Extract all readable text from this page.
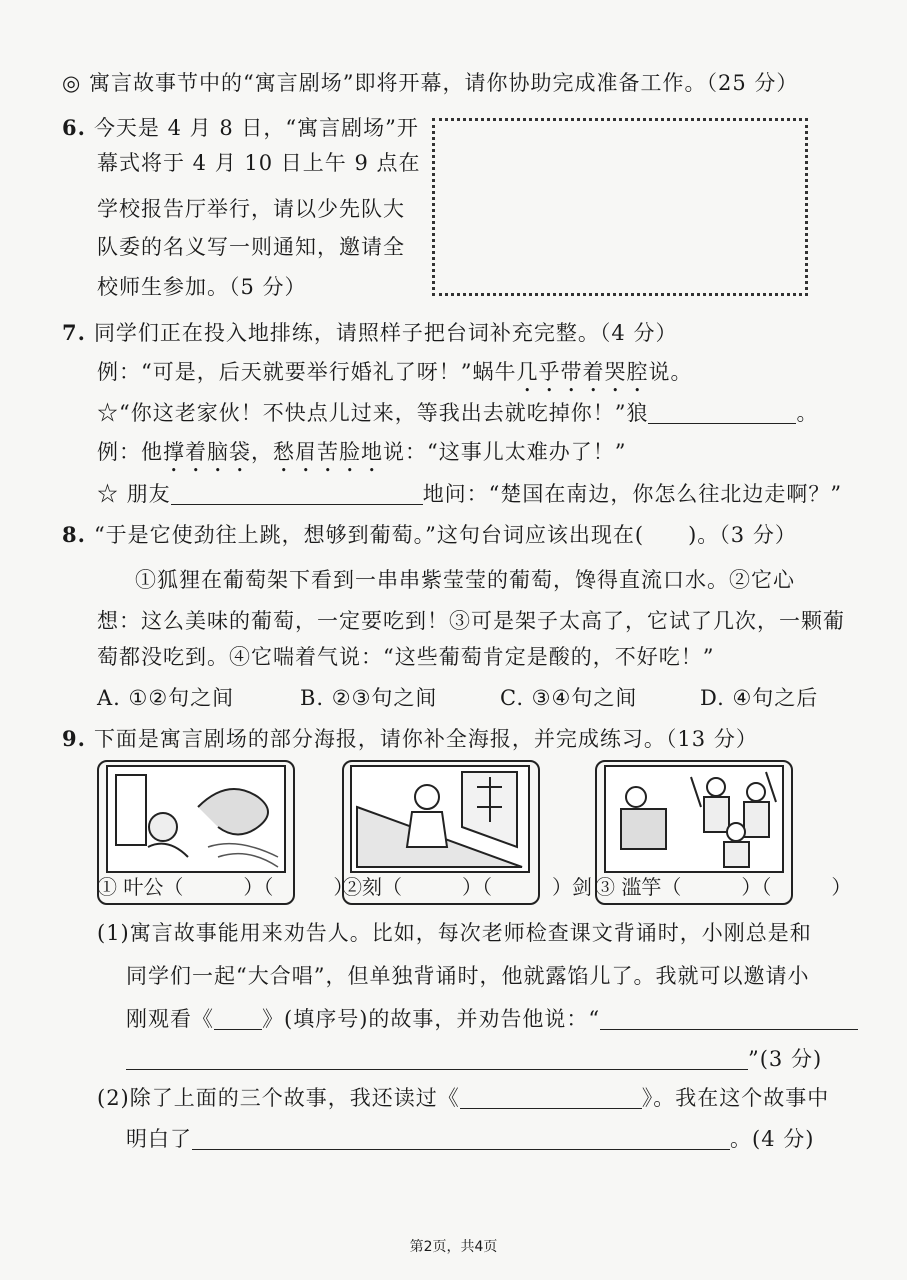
◎ 寓言故事节中的“寓言剧场”即将开幕，请你协助完成准备工作。（25 分）
6. 今天是 4 月 8 日，“寓言剧场”开
幕式将于 4 月 10 日上午 9 点在
学校报告厅举行，请以少先队大
队委的名义写一则通知，邀请全
校师生参加。（5 分）
7. 同学们正在投入地排练，请照样子把台词补充完整。（4 分）
例：“可是，后天就要举行婚礼了呀！”蜗牛几乎带着哭腔说。
☆“你这老家伙！不快点儿过来，等我出去就吃掉你！”狼	。
例：他撑着脑袋，愁眉苦脸地说：“这事儿太难办了！”
☆ 朋友	地问：“楚国在南边，你怎么往北边走啊？”
8. “于是它使劲往上跳，想够到葡萄。”这句台词应该出现在(　　)。（3 分）
①狐狸在葡萄架下看到一串串紫莹莹的葡萄，馋得直流口水。②它心
想：这么美味的葡萄，一定要吃到！③可是架子太高了，它试了几次，一颗葡
萄都没吃到。④它喘着气说：“这些葡萄肯定是酸的，不好吃！”
A. ①②句之间	B. ②③句之间	C. ③④句之间	D. ④句之后
9. 下面是寓言剧场的部分海报，请你补全海报，并完成练习。（13 分）
① 叶公（　　　）（　　　）
②刻（　　　）（　　　）剑 ③ 滥竽（　　　）（　　　）
(1)寓言故事能用来劝告人。比如，每次老师检查课文背诵时，小刚总是和
同学们一起“大合唱”，但单独背诵时，他就露馅儿了。我就可以邀请小
刚观看《 》(填序号)的故事，并劝告他说：“
”(3 分)
(2)除了上面的三个故事，我还读过《	》。我在这个故事中
明白了	。(4 分)
第2页，共4页
